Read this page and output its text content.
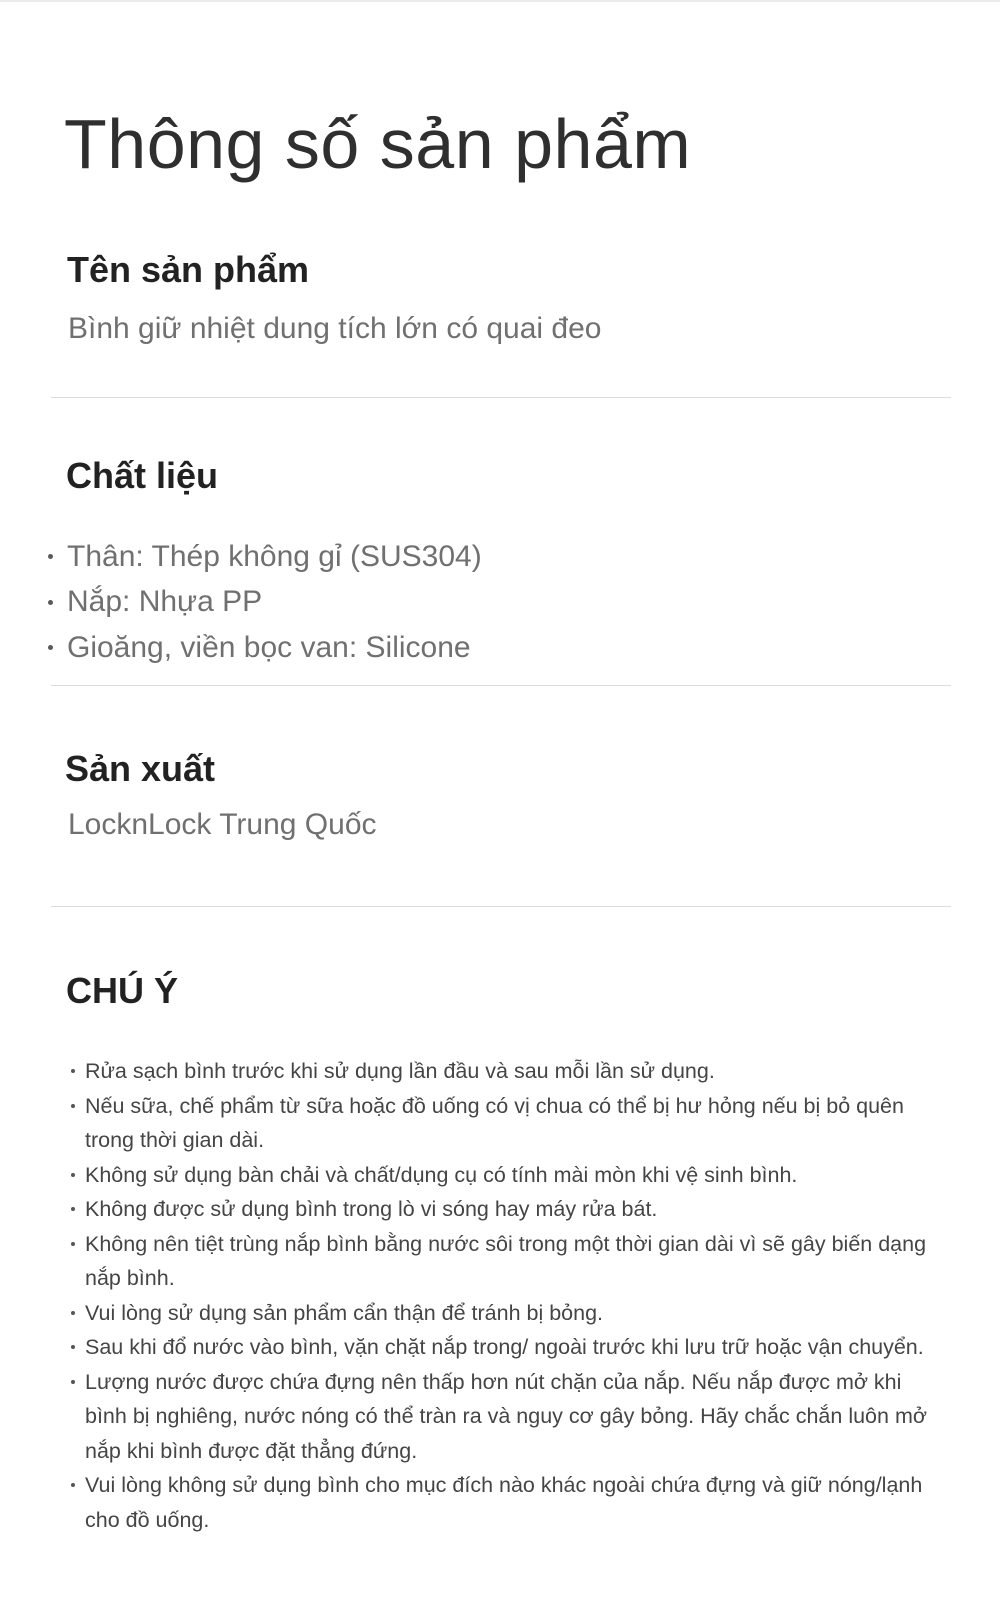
Thông số sản phẩm
Tên sản phẩm

Bình giữ nhiệt dung tích lớn có quai đeo

Chất liệu
Thân: Thép không gỉ (SUS304)
Nắp: Nhựa PP
Gioăng, viền bọc van: Silicone
Sản xuất

LocknLock Trung Quốc

CHÚ Ý
Rửa sạch bình trước khi sử dụng lần đầu và sau mỗi lần sử dụng.
Nếu sữa, chế phẩm từ sữa hoặc đồ uống có vị chua có thể bị hư hỏng nếu bị bỏ quên trong thời gian dài.
Không sử dụng bàn chải và chất/dụng cụ có tính mài mòn khi vệ sinh bình.
Không được sử dụng bình trong lò vi sóng hay máy rửa bát.
Không nên tiệt trùng nắp bình bằng nước sôi trong một thời gian dài vì sẽ gây biến dạng nắp bình.
Vui lòng sử dụng sản phẩm cẩn thận để tránh bị bỏng.
Sau khi đổ nước vào bình, vặn chặt nắp trong/ ngoài trước khi lưu trữ hoặc vận chuyển.
Lượng nước được chứa đựng nên thấp hơn nút chặn của nắp. Nếu nắp được mở khi bình bị nghiêng, nước nóng có thể tràn ra và nguy cơ gây bỏng. Hãy chắc chắn luôn mở nắp khi bình được đặt thẳng đứng.
Vui lòng không sử dụng bình cho mục đích nào khác ngoài chứa đựng và giữ nóng/lạnh cho đồ uống.
